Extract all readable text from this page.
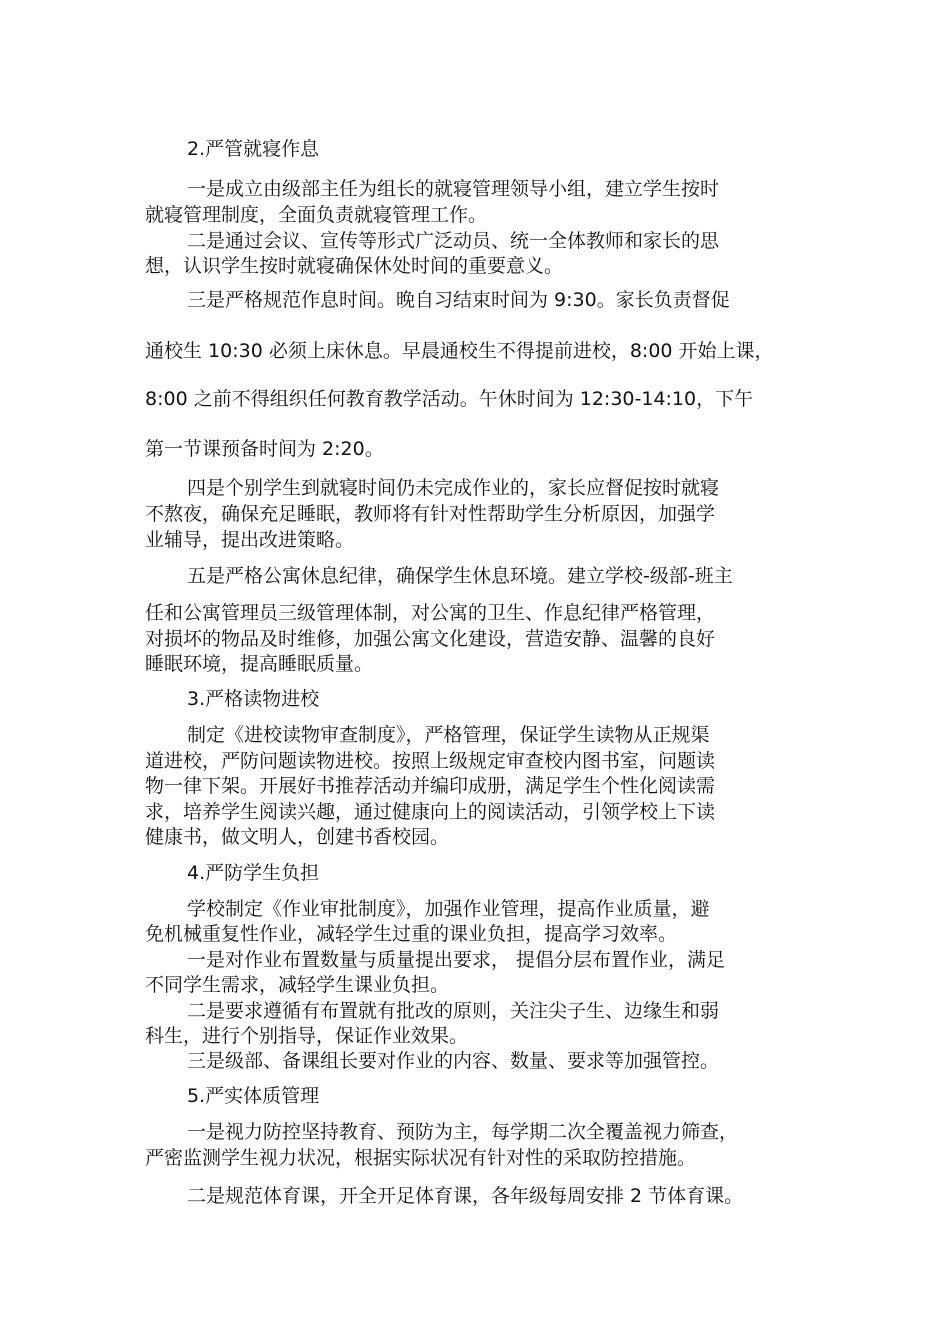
2.严管就寝作息
一是成立由级部主任为组长的就寝管理领导小组，建立学生按时
就寝管理制度，全面负责就寝管理工作。
二是通过会议、宣传等形式广泛动员、统一全体教师和家长的思
想，认识学生按时就寝确保休处时间的重要意义。
三是严格规范作息时间。晚自习结束时间为 9:30。家长负责督促
通校生 10:30 必须上床休息。早晨通校生不得提前进校，8:00 开始上课，
8:00 之前不得组织任何教育教学活动。午休时间为 12:30-14:10，下午
第一节课预备时间为 2:20。
四是个别学生到就寝时间仍未完成作业的，家长应督促按时就寝
不熬夜，确保充足睡眠，教师将有针对性帮助学生分析原因，加强学
业辅导，提出改进策略。
五是严格公寓休息纪律，确保学生休息环境。建立学校-级部-班主
任和公寓管理员三级管理体制，对公寓的卫生、作息纪律严格管理，
对损坏的物品及时维修，加强公寓文化建设，营造安静、温馨的良好
睡眠环境，提高睡眠质量。
3.严格读物进校
制定《进校读物审查制度》，严格管理，保证学生读物从正规渠
道进校，严防问题读物进校。按照上级规定审查校内图书室，问题读
物一律下架。开展好书推荐活动并编印成册，满足学生个性化阅读需
求，培养学生阅读兴趣，通过健康向上的阅读活动，引领学校上下读
健康书，做文明人，创建书香校园。
4.严防学生负担
学校制定《作业审批制度》，加强作业管理，提高作业质量，避
免机械重复性作业，减轻学生过重的课业负担，提高学习效率。
一是对作业布置数量与质量提出要求， 提倡分层布置作业，满足
不同学生需求，减轻学生课业负担。
二是要求遵循有布置就有批改的原则，关注尖子生、边缘生和弱
科生，进行个别指导，保证作业效果。
三是级部、备课组长要对作业的内容、数量、要求等加强管控。
5.严实体质管理
一是视力防控坚持教育、预防为主，每学期二次全覆盖视力筛查，
严密监测学生视力状况，根据实际状况有针对性的采取防控措施。
二是规范体育课，开全开足体育课，各年级每周安排 2 节体育课。
